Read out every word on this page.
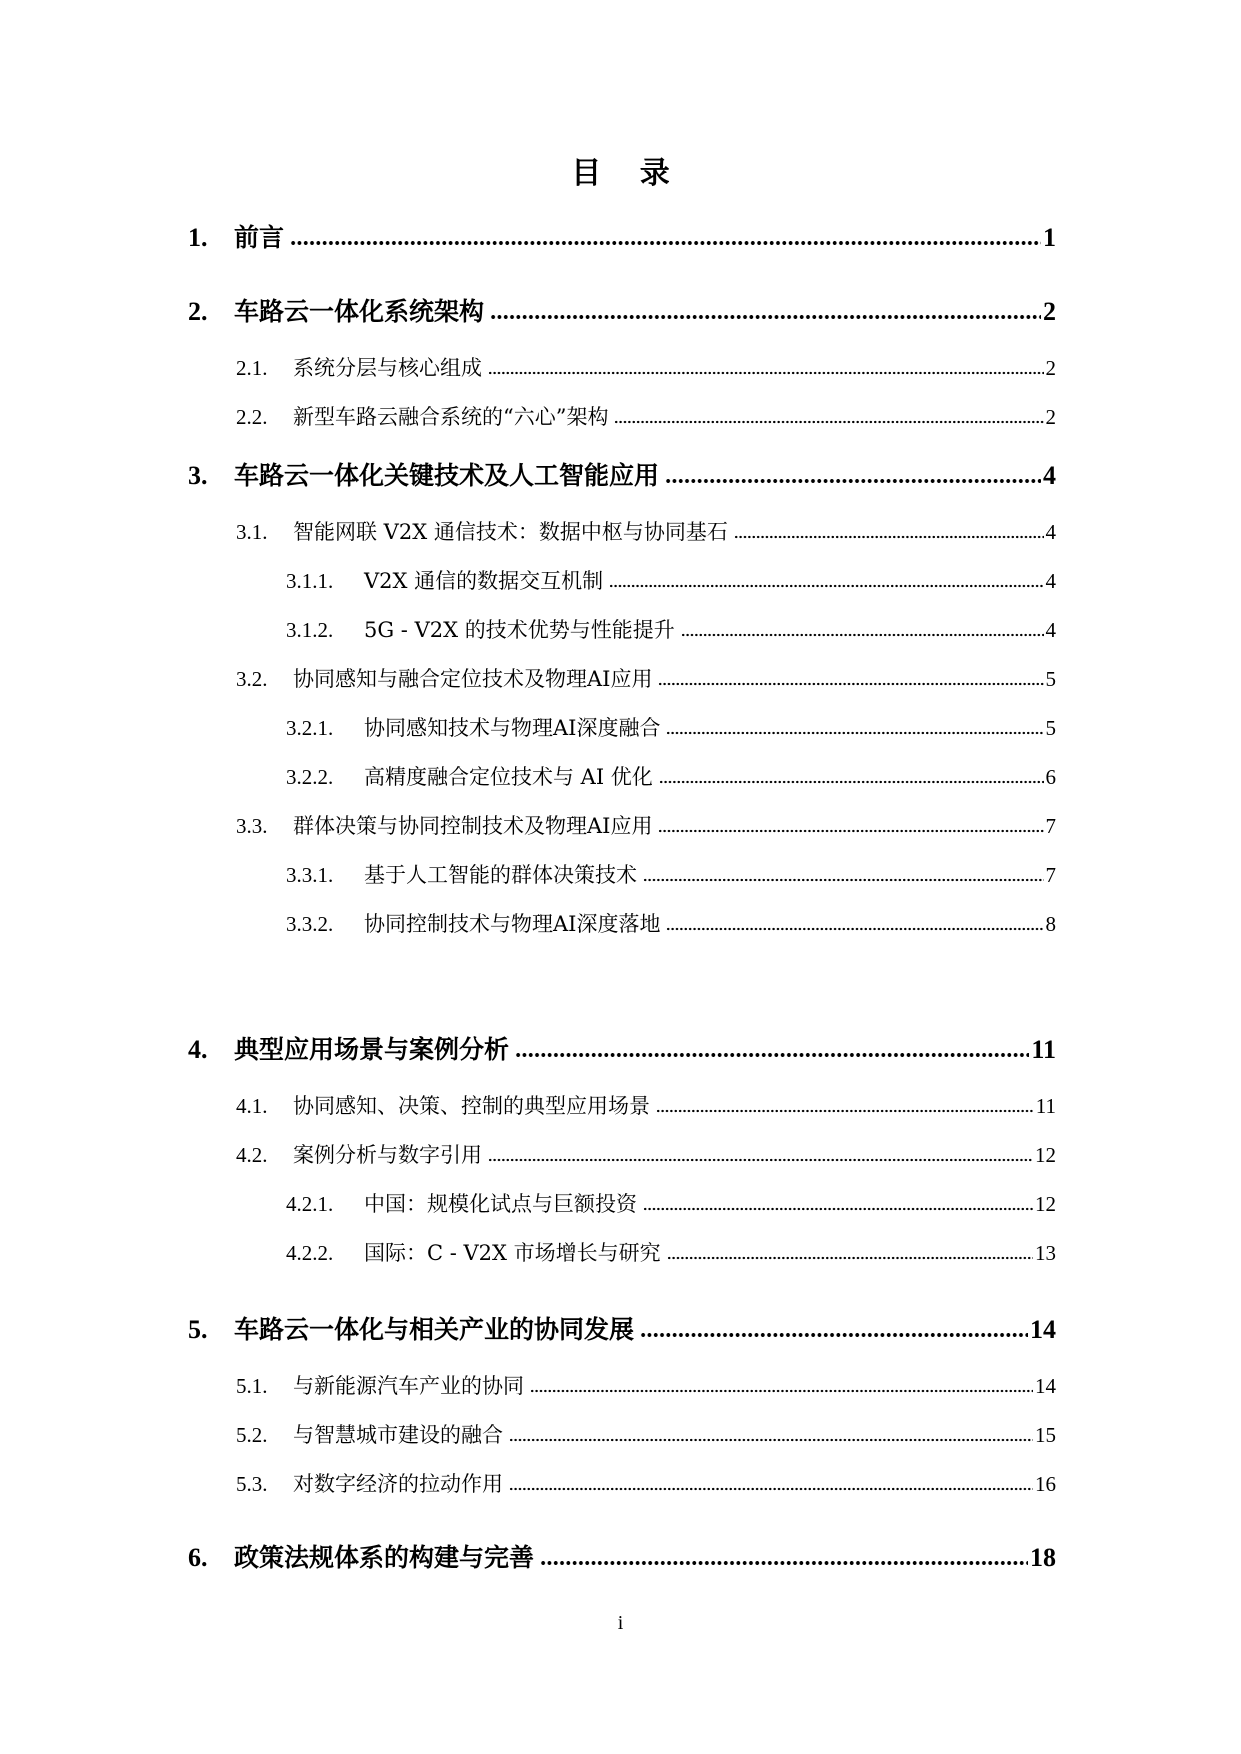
目 录
1.	前言	1
2.	车路云一体化系统架构	2
2.1.	系统分层与核心组成	2
2.2.	新型车路云融合系统的“六心”架构	2
3.	车路云一体化关键技术及人工智能应用	4
3.1.	智能网联 V2X 通信技术：数据中枢与协同基石	4
3.1.1.	V2X 通信的数据交互机制	4
3.1.2.	5G - V2X 的技术优势与性能提升	4
3.2.	协同感知与融合定位技术及物理AI应用	5
3.2.1.	协同感知技术与物理AI深度融合	5
3.2.2.	高精度融合定位技术与 AI 优化	6
3.3.	群体决策与协同控制技术及物理AI应用	7
3.3.1.	基于人工智能的群体决策技术	7
3.3.2.	协同控制技术与物理AI深度落地	8
4.	典型应用场景与案例分析	11
4.1.	协同感知、决策、控制的典型应用场景	11
4.2.	案例分析与数字引用	12
4.2.1.	中国：规模化试点与巨额投资	12
4.2.2.	国际：C - V2X 市场增长与研究	13
5.	车路云一体化与相关产业的协同发展	14
5.1.	与新能源汽车产业的协同	14
5.2.	与智慧城市建设的融合	15
5.3.	对数字经济的拉动作用	16
6.	政策法规体系的构建与完善	18
i
